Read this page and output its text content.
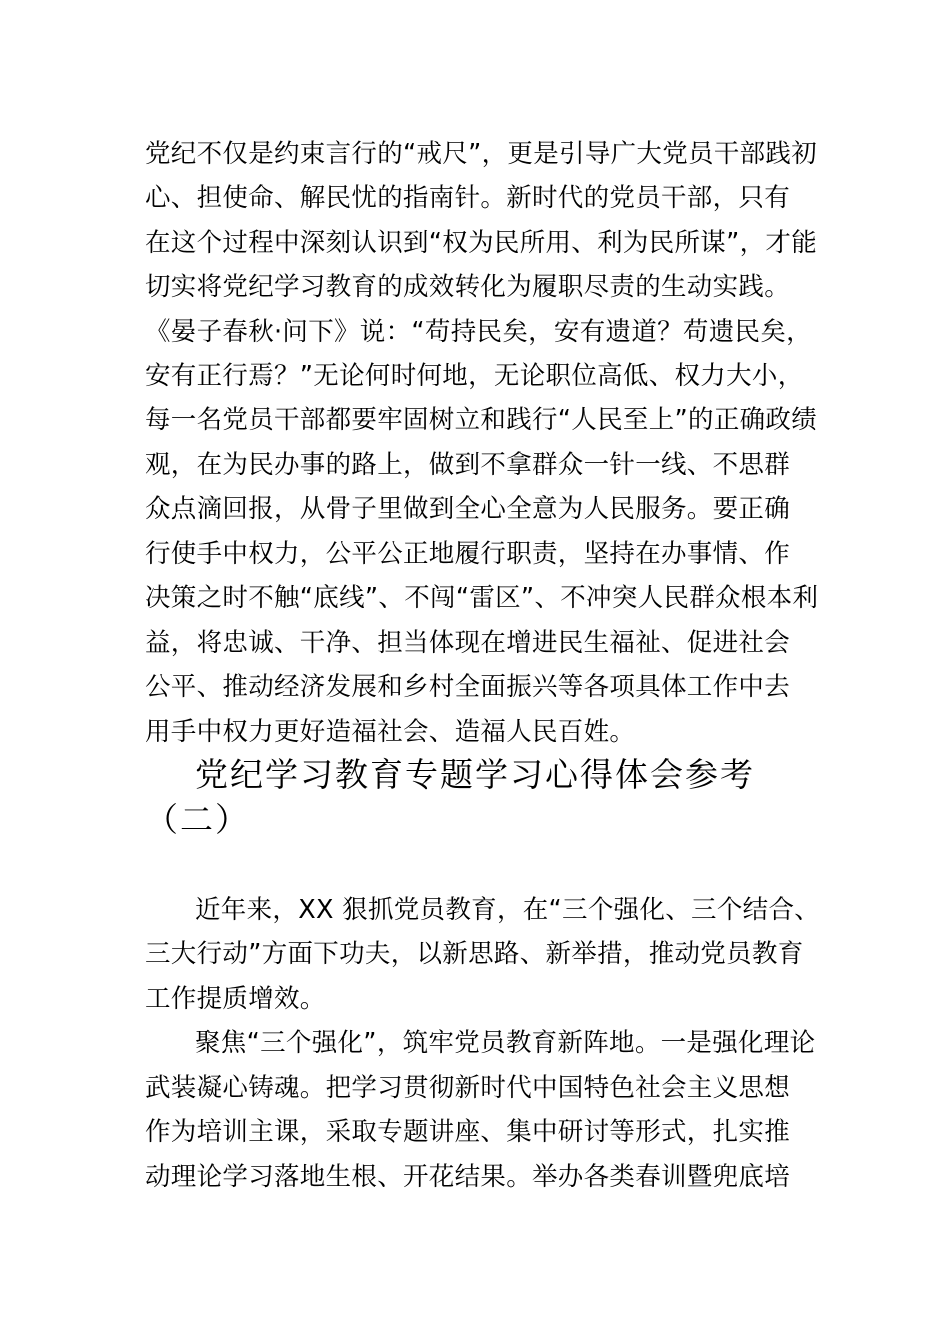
党纪不仅是约束言行的“戒尺”，更是引导广大党员干部践初
心、担使命、解民忧的指南针。新时代的党员干部，只有
在这个过程中深刻认识到“权为民所用、利为民所谋”，才能
切实将党纪学习教育的成效转化为履职尽责的生动实践。
《晏子春秋·问下》说：“苟持民矣，安有遗道？苟遗民矣，
安有正行焉？”无论何时何地，无论职位高低、权力大小，
每一名党员干部都要牢固树立和践行“人民至上”的正确政绩
观，在为民办事的路上，做到不拿群众一针一线、不思群
众点滴回报，从骨子里做到全心全意为人民服务。要正确
行使手中权力，公平公正地履行职责，坚持在办事情、作
决策之时不触“底线”、不闯“雷区”、不冲突人民群众根本利
益，将忠诚、干净、担当体现在增进民生福祉、促进社会
公平、推动经济发展和乡村全面振兴等各项具体工作中去
用手中权力更好造福社会、造福人民百姓。
党纪学习教育专题学习心得体会参考
（二）
近年来，XX 狠抓党员教育，在“三个强化、三个结合、
三大行动”方面下功夫，以新思路、新举措，推动党员教育
工作提质增效。
聚焦“三个强化”，筑牢党员教育新阵地。一是强化理论
武装凝心铸魂。把学习贯彻新时代中国特色社会主义思想
作为培训主课，采取专题讲座、集中研讨等形式，扎实推
动理论学习落地生根、开花结果。举办各类春训暨兜底培
